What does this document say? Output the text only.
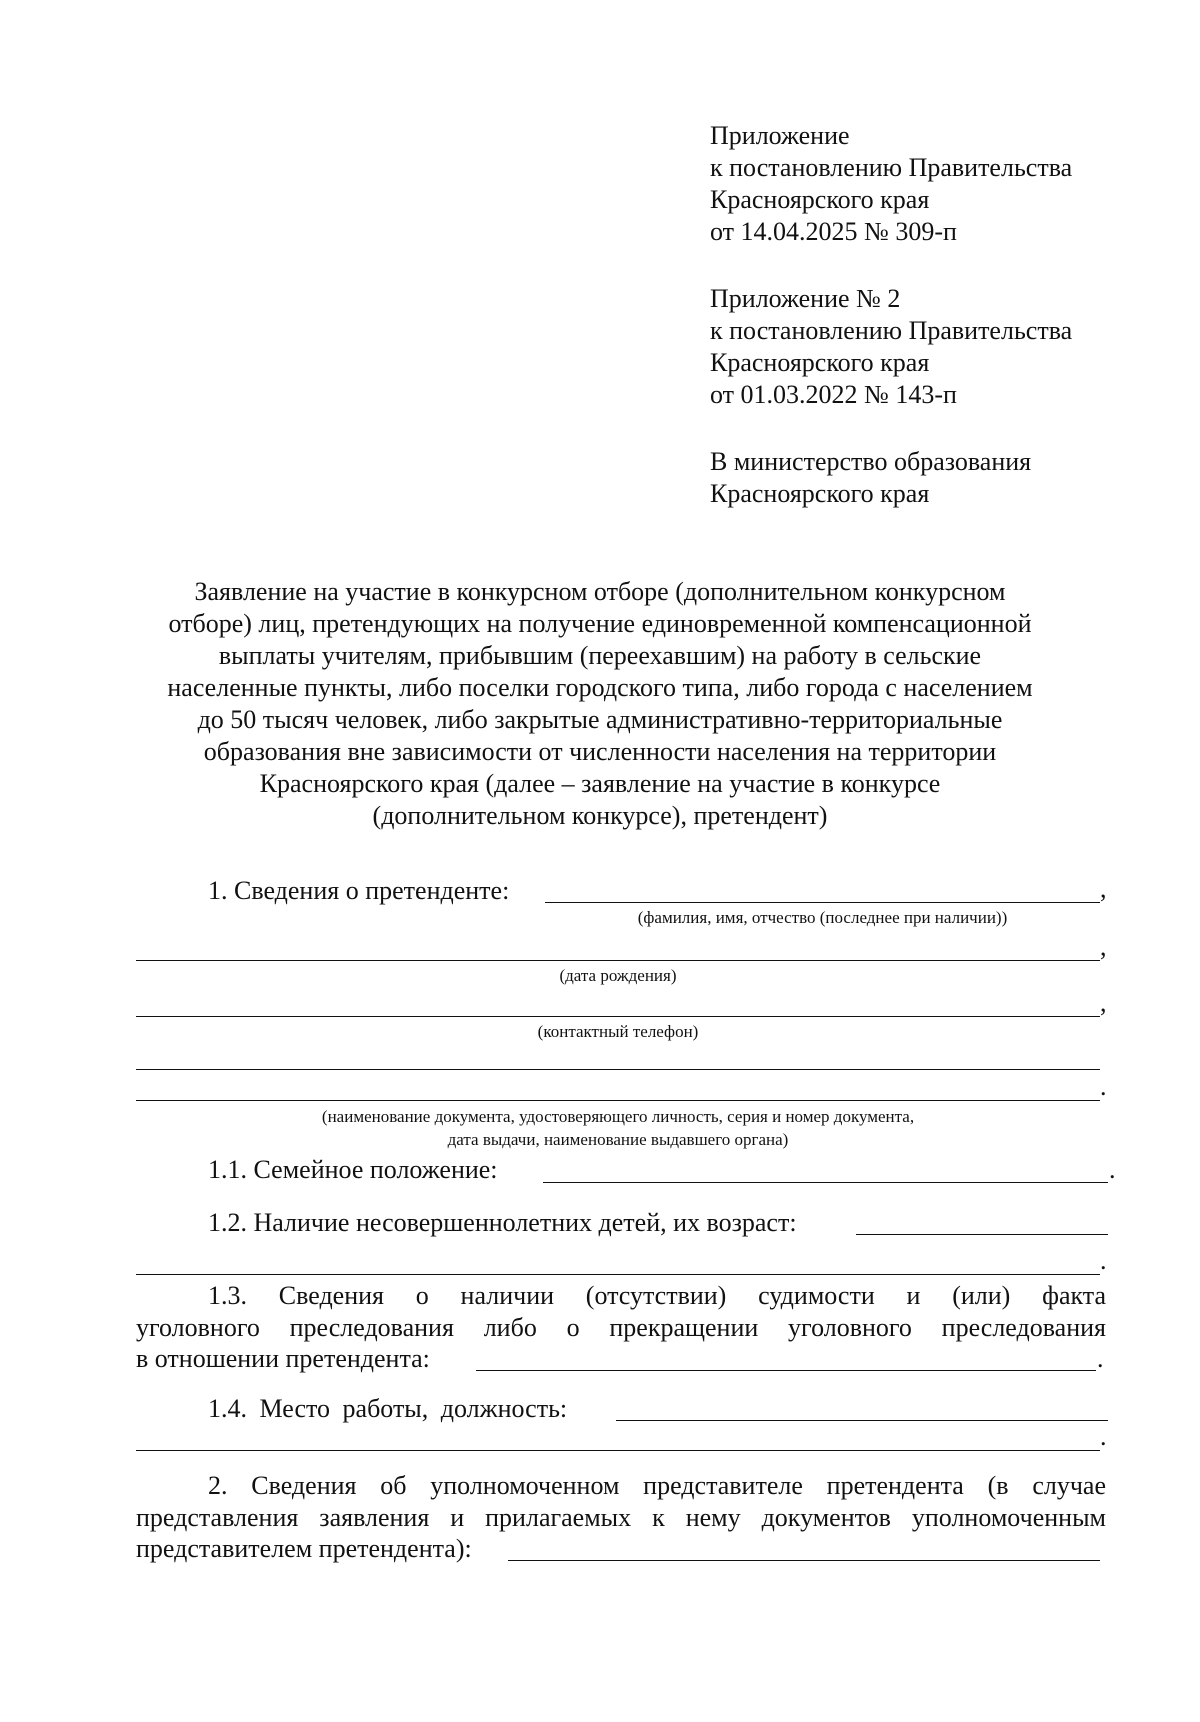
Приложение
к постановлению Правительства
Красноярского края
от 14.04.2025 № 309-п
Приложение № 2
к постановлению Правительства
Красноярского края
от 01.03.2022 № 143-п
В министерство образования
Красноярского края
Заявление на участие в конкурсном отборе (дополнительном конкурсном
отборе) лиц, претендующих на получение единовременной компенсационной
выплаты учителям, прибывшим (переехавшим) на работу в сельские
населенные пункты, либо поселки городского типа, либо города с населением
до 50 тысяч человек, либо закрытые административно-территориальные
образования вне зависимости от численности населения на территории
Красноярского края (далее – заявление на участие в конкурсе
(дополнительном конкурсе), претендент)
1. Сведения о претенденте:	,
(фамилия, имя, отчество (последнее при наличии))
,
(дата рождения)
,
(контактный телефон)
.
(наименование документа, удостоверяющего личность, серия и номер документа,
дата выдачи, наименование выдавшего органа)
1.1. Семейное положение:	.
1.2. Наличие несовершеннолетних детей, их возраст:
.
1.3. Сведения о наличии (отсутствии) судимости и (или) факта
уголовного преследования либо о прекращении уголовного преследования
в отношении претендента:	.
1.4. Место работы, должность:
.
2. Сведения об уполномоченном представителе претендента (в случае
представления заявления и прилагаемых к нему документов уполномоченным
представителем претендента):
